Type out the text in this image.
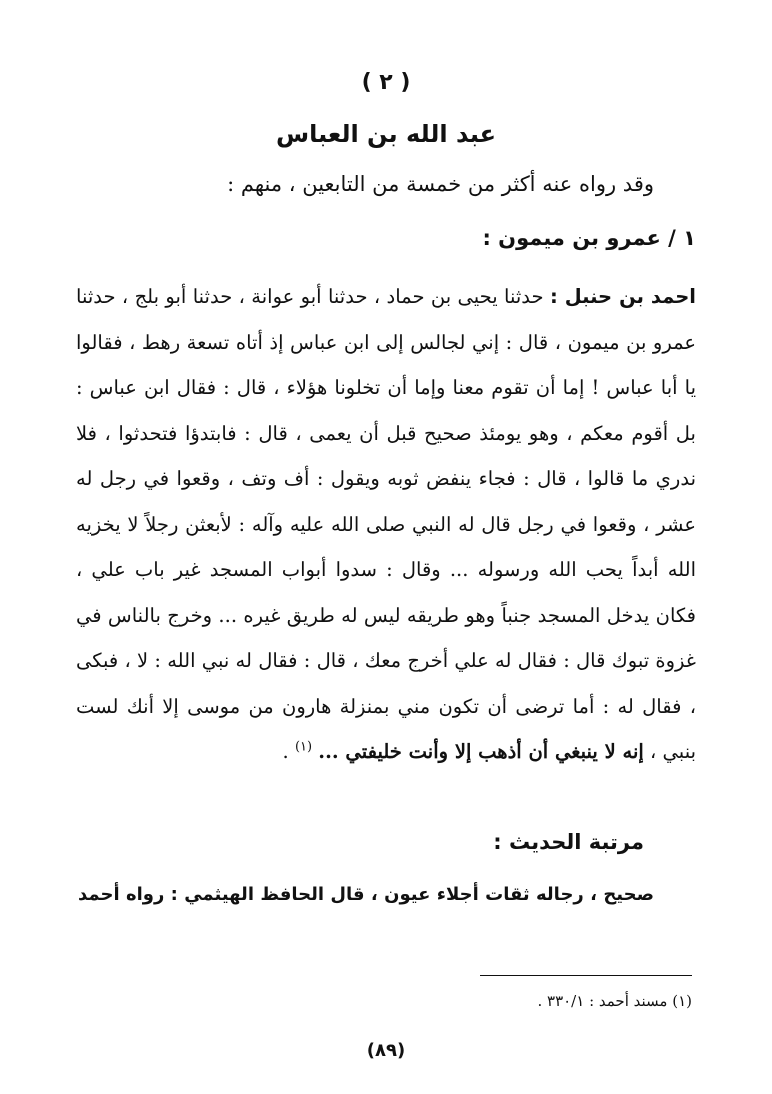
( ٢ )
عبد الله بن العباس
وقد رواه عنه أكثر من خمسة من التابعين ، منهم :
١ / عمرو بن ميمون :
احمد بن حنبل : حدثنا يحيى بن حماد ، حدثنا أبو عوانة ، حدثنا أبو بلج ، حدثنا عمرو بن ميمون ، قال : إني لجالس إلى ابن عباس إذ أتاه تسعة رهط ، فقالوا يا أبا عباس ! إما أن تقوم معنا وإما أن تخلونا هؤلاء ، قال : فقال ابن عباس : بل أقوم معكم ، وهو يومئذ صحيح قبل أن يعمى ، قال : فابتدؤا فتحدثوا ، فلا ندري ما قالوا ، قال : فجاء ينفض ثوبه ويقول : أف وتف ، وقعوا في رجل له عشر ، وقعوا في رجل قال له النبي صلى الله عليه وآله : لأبعثن رجلاً لا يخزيه الله أبداً يحب الله ورسوله ... وقال : سدوا أبواب المسجد غير باب علي ، فكان يدخل المسجد جنباً وهو طريقه ليس له طريق غيره ... وخرج بالناس في غزوة تبوك قال : فقال له علي أخرج معك ، قال : فقال له نبي الله : لا ، فبكى ، فقال له : أما ترضى أن تكون مني بمنزلة هارون من موسى إلا أنك لست بنبي ، إنه لا ينبغي أن أذهب إلا وأنت خليفتي ... $^{(١)}$ .
مرتبة الحديث :
صحيح ، رجاله ثقات أجلاء عيون ، قال الحافظ الهيثمي : رواه أحمد
(١) مسند أحمد : ٣٣٠/١ .
(٨٩)
